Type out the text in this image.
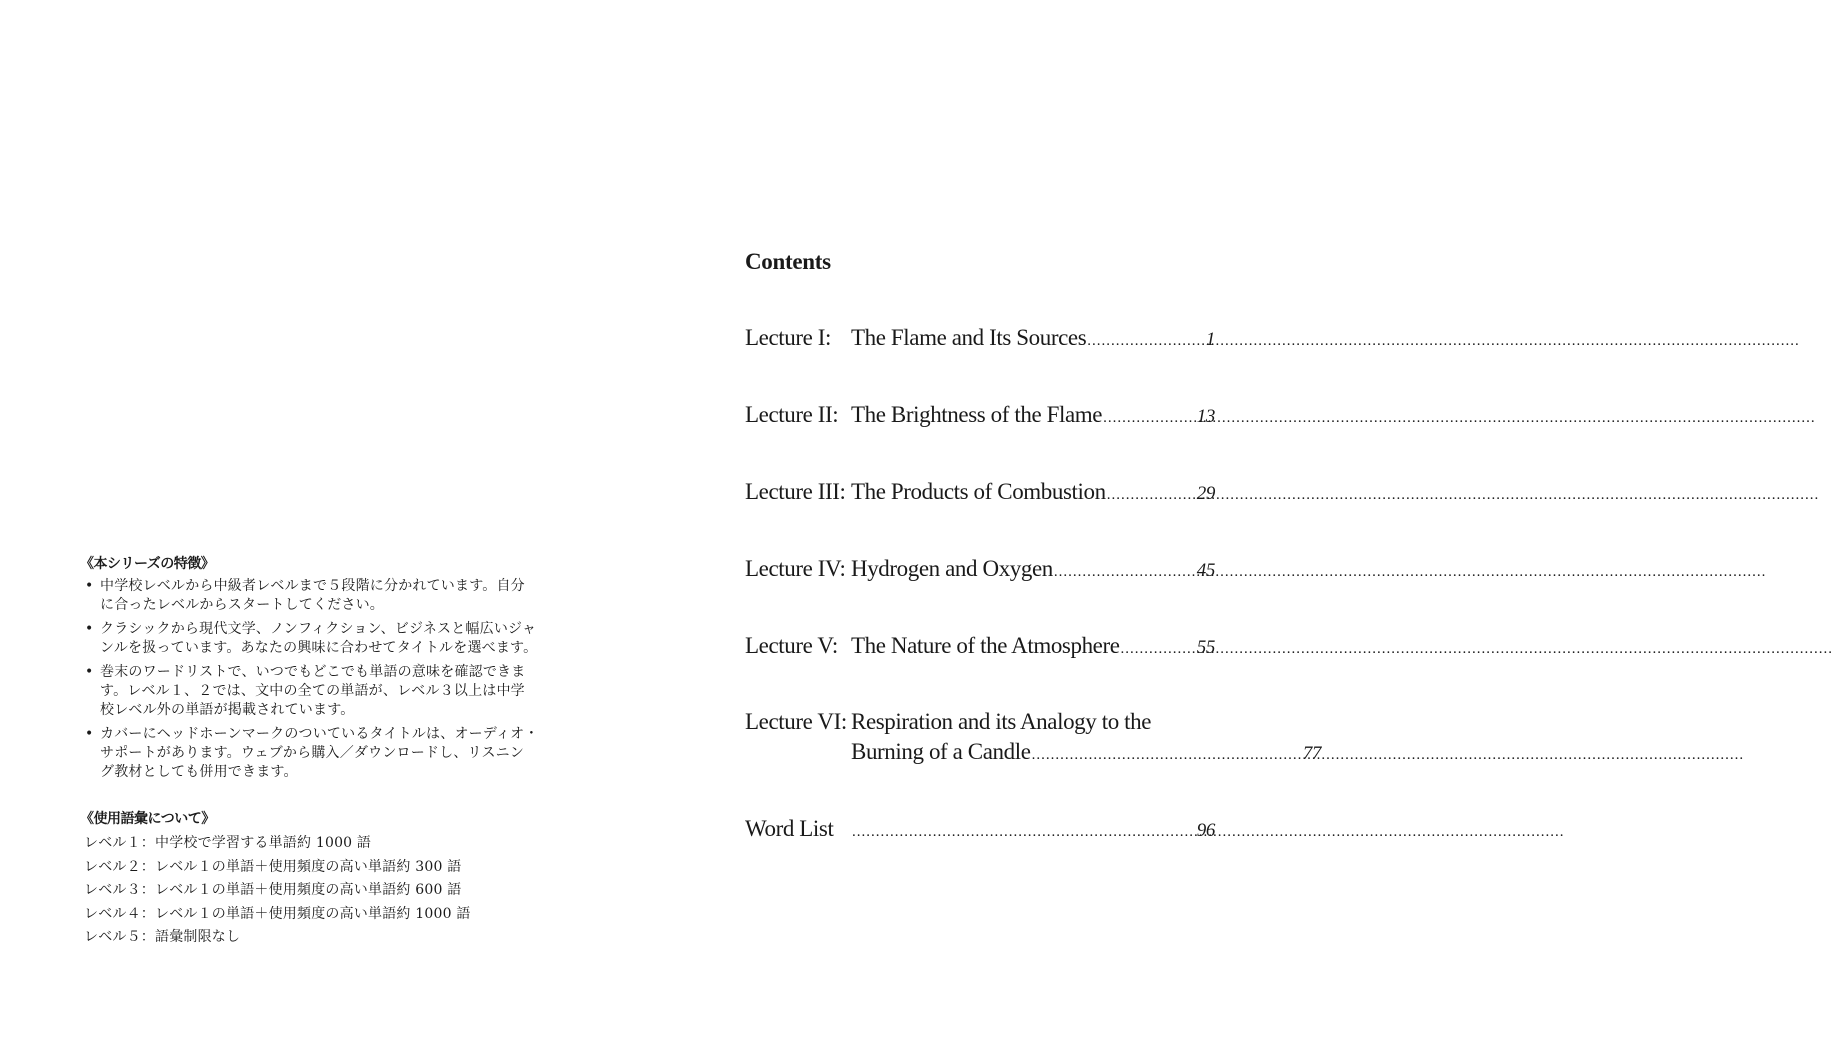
《本シリーズの特徴》
• 中学校レベルから中級者レベルまで５段階に分かれています。自分
に合ったレベルからスタートしてください。
• クラシックから現代文学、ノンフィクション、ビジネスと幅広いジャ
ンルを扱っています。あなたの興味に合わせてタイトルを選べます。
• 巻末のワードリストで、いつでもどこでも単語の意味を確認できま
す。レベル１、２では、文中の全ての単語が、レベル３以上は中学
校レベル外の単語が掲載されています。
• カバーにヘッドホーンマークのついているタイトルは、オーディオ・
サポートがあります。ウェブから購入／ダウンロードし、リスニン
グ教材としても併用できます。
《使用語彙について》
レベル１：中学校で学習する単語約 1000 語
レベル２：レベル１の単語＋使用頻度の高い単語約 300 語
レベル３：レベル１の単語＋使用頻度の高い単語約 600 語
レベル４：レベル１の単語＋使用頻度の高い単語約 1000 語
レベル５：語彙制限なし
Contents
Lecture I: The Flame and Its Sources .....	1
Lecture II: The Brightness of the Flame .....	13
Lecture III: The Products of Combustion .....	29
Lecture IV: Hydrogen and Oxygen .....	45
Lecture V: The Nature of the Atmosphere .....	55
Lecture VI: Respiration and its Analogy to the
Burning of a Candle .....	77
Word List .....	96
